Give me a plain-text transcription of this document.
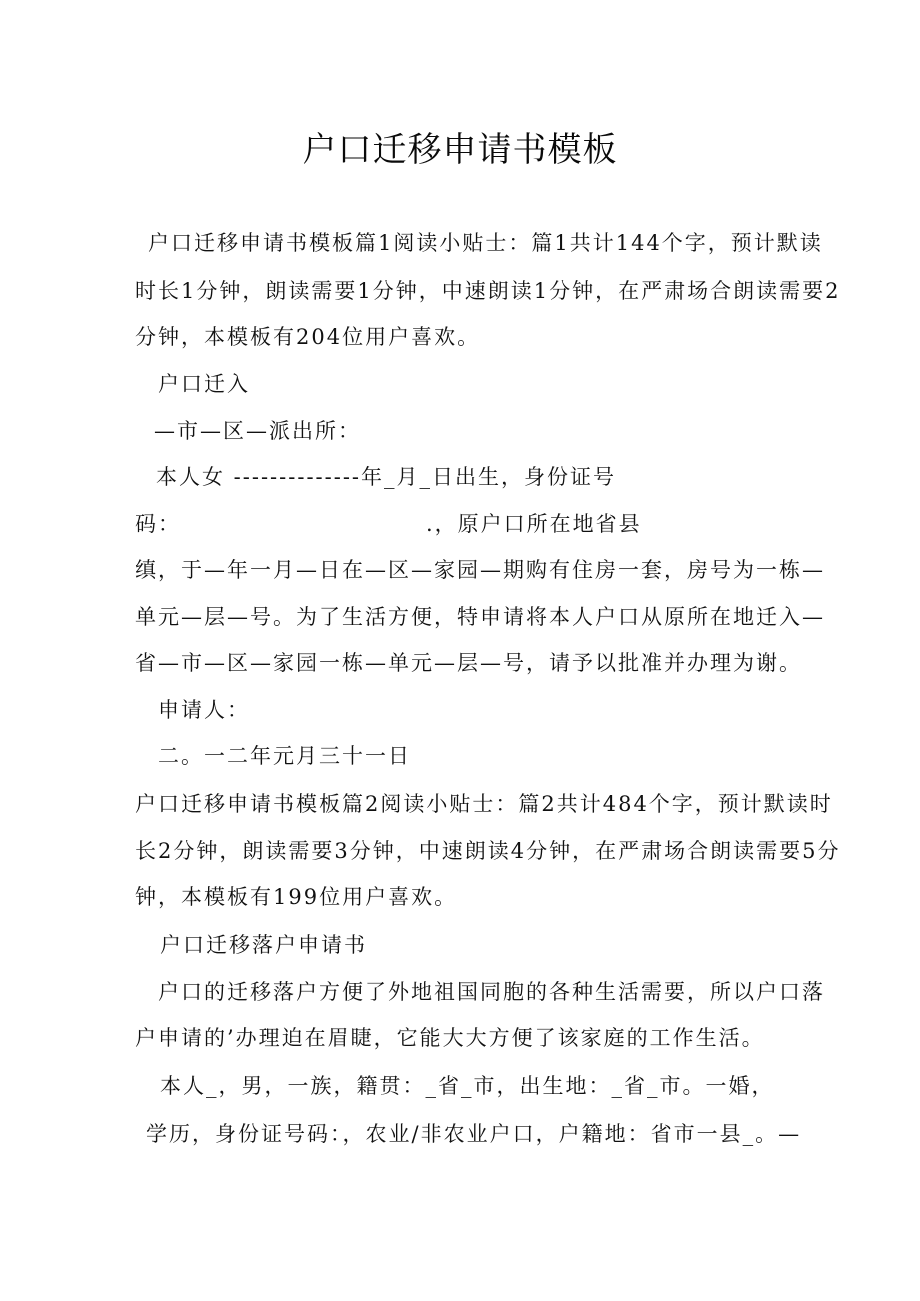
户口迁移申请书模板

户口迁移申请书模板篇1阅读小贴士：篇1共计144个字，预计默读

时长1分钟，朗读需要1分钟，中速朗读1分钟，在严肃场合朗读需要2

分钟，本模板有204位用户喜欢。

户口迁入

—市—区—派出所：

本人女 --------------年_月_日出生，身份证号

码：	.，原户口所在地省县

缜，于—年一月—日在—区—家园—期购有住房一套，房号为一栋—

单元—层—号。为了生活方便，特申请将本人户口从原所在地迁入—

省—市—区—家园一栋—单元—层—号，请予以批准并办理为谢。

申请人：

二。一二年元月三十一日

户口迁移申请书模板篇2阅读小贴士：篇2共计484个字，预计默读时

长2分钟，朗读需要3分钟，中速朗读4分钟，在严肃场合朗读需要5分

钟，本模板有199位用户喜欢。

户口迁移落户申请书

户口的迁移落户方便了外地祖国同胞的各种生活需要，所以户口落

户申请的’办理迫在眉睫，它能大大方便了该家庭的工作生活。

本人_，男，一族，籍贯：_省_市，出生地：_省_市。一婚，

学历，身份证号码：，农业/非农业户口，户籍地：省市一县_。—
